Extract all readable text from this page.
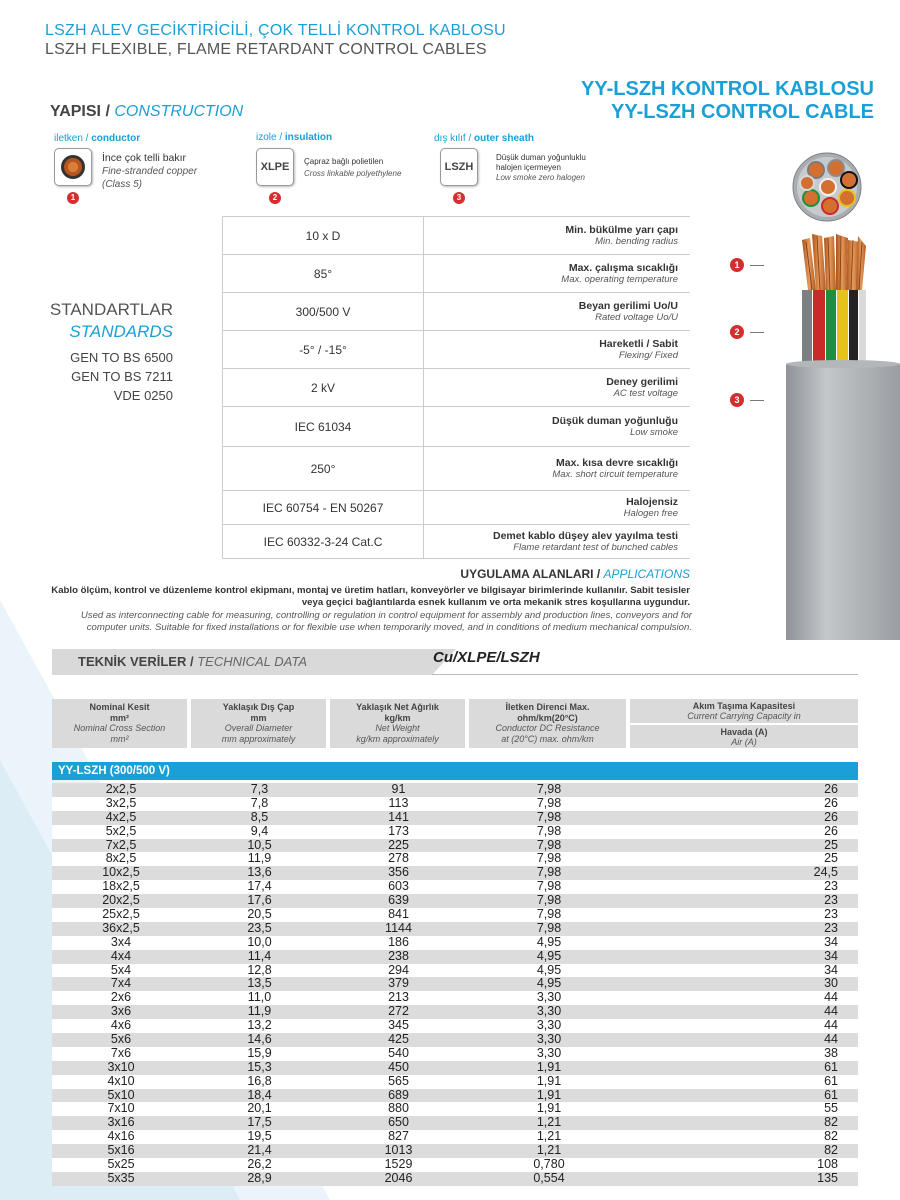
LSZH ALEV GECİKTİRİCİLİ, ÇOK TELLİ KONTROL KABLOSU
LSZH FLEXIBLE, FLAME RETARDANT CONTROL CABLES
YY-LSZH KONTROL KABLOSU
YY-LSZH CONTROL CABLE
YAPISI / CONSTRUCTION
iletken / conductor
1
İnce çok telli bakır
Fine-stranded copper
(Class 5)
izole / insulation
XLPE
2
Çapraz bağlı polietilen
Cross linkable polyethylene
dış kılıf / outer sheath
LSZH
3
Düşük duman yoğunluklu
halojen içermeyen
Low smoke zero halogen
STANDARTLAR
STANDARDS
GEN TO BS 6500
GEN TO BS 7211
VDE 0250
10 x D	Min. bükülme yarı çapı
Min. bending radius
85°	Max. çalışma sıcaklığı
Max. operating temperature
300/500 V	Beyan gerilimi Uo/U
Rated voltage Uo/U
-5° / -15°	Hareketli / Sabit
Flexing/ Fixed
2 kV	Deney gerilimi
AC test voltage
IEC 61034	Düşük duman yoğunluğu
Low smoke
250°	Max. kısa devre sıcaklığı
Max. short circuit temperature
IEC 60754 - EN 50267	Halojensiz
Halogen free
IEC 60332-3-24 Cat.C	Demet kablo düşey alev yayılma testi
Flame retardant test of bunched cables
UYGULAMA ALANLARI / APPLICATIONS
Kablo ölçüm, kontrol ve düzenleme kontrol ekipmanı, montaj ve üretim hatları, konveyörler ve bilgisayar birimlerinde kullanılır. Sabit tesisler veya geçici bağlantılarda esnek kullanım ve orta mekanik stres koşullarına uygundur.
Used as interconnecting cable for measuring, controlling or regulation in control equipment for assembly and production lines, conveyors and for computer units. Suitable for fixed installations or for flexible use when temporarily moved, and in conditions of medium mechanical compulsion.
1
2
3
TEKNİK VERİLER / TECHNICAL DATA	Cu/XLPE/LSZH
Nominal Kesit
mm²
Nominal Cross Section
mm²
Yaklaşık Dış Çap
mm
Overall Diameter
mm approximately
Yaklaşık Net Ağırlık
kg/km
Net Weight
kg/km approximately
İletken Direnci Max.
ohm/km(20°C)
Conductor DC Resistance
at (20°C) max. ohm/km
Akım Taşıma Kapasitesi
Current Carrying Capacity in
Havada (A)
Air (A)
YY-LSZH (300/500 V)
2x2,5	7,3	91	7,98	26
3x2,5	7,8	113	7,98	26
4x2,5	8,5	141	7,98	26
5x2,5	9,4	173	7,98	26
7x2,5	10,5	225	7,98	25
8x2,5	11,9	278	7,98	25
10x2,5	13,6	356	7,98	24,5
18x2,5	17,4	603	7,98	23
20x2,5	17,6	639	7,98	23
25x2,5	20,5	841	7,98	23
36x2,5	23,5	1144	7,98	23
3x4	10,0	186	4,95	34
4x4	11,4	238	4,95	34
5x4	12,8	294	4,95	34
7x4	13,5	379	4,95	30
2x6	11,0	213	3,30	44
3x6	11,9	272	3,30	44
4x6	13,2	345	3,30	44
5x6	14,6	425	3,30	44
7x6	15,9	540	3,30	38
3x10	15,3	450	1,91	61
4x10	16,8	565	1,91	61
5x10	18,4	689	1,91	61
7x10	20,1	880	1,91	55
3x16	17,5	650	1,21	82
4x16	19,5	827	1,21	82
5x16	21,4	1013	1,21	82
5x25	26,2	1529	0,780	108
5x35	28,9	2046	0,554	135
